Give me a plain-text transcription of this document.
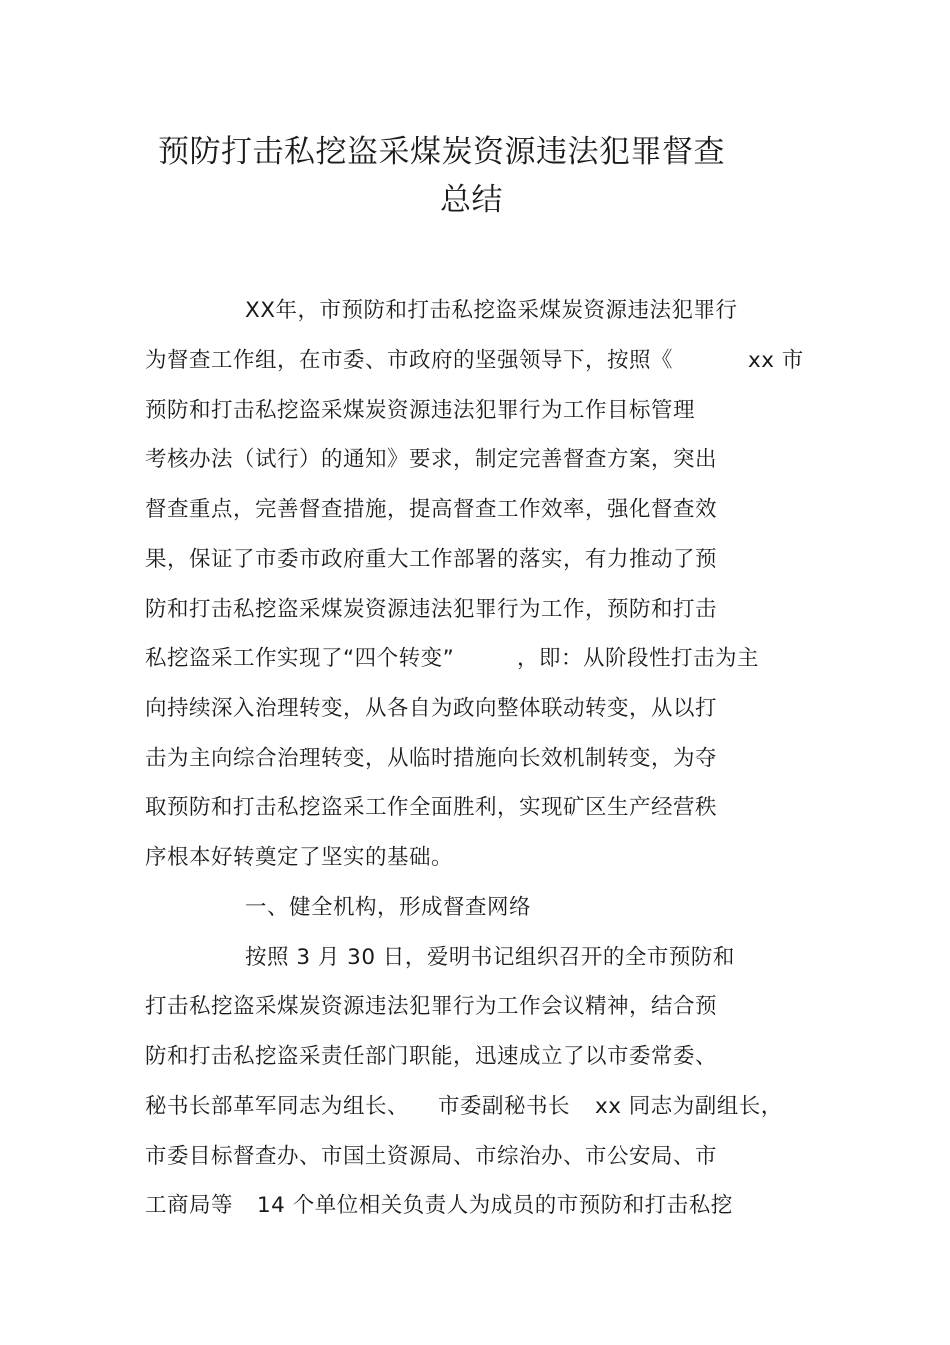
预防打击私挖盗采煤炭资源违法犯罪督查
总结
XX年，市预防和打击私挖盗采煤炭资源违法犯罪行
为督查工作组，在市委、市政府的坚强领导下，按照《	xx 市
预防和打击私挖盗采煤炭资源违法犯罪行为工作目标管理
考核办法（试行）的通知》要求，制定完善督查方案，突出
督查重点，完善督查措施，提高督查工作效率，强化督查效
果，保证了市委市政府重大工作部署的落实，有力推动了预
防和打击私挖盗采煤炭资源违法犯罪行为工作，预防和打击
私挖盗采工作实现了“四个转变”	，即：从阶段性打击为主
向持续深入治理转变，从各自为政向整体联动转变，从以打
击为主向综合治理转变，从临时措施向长效机制转变，为夺
取预防和打击私挖盗采工作全面胜利，实现矿区生产经营秩
序根本好转奠定了坚实的基础。
一、健全机构，形成督查网络
按照 3 月 30 日，爱明书记组织召开的全市预防和
打击私挖盗采煤炭资源违法犯罪行为工作会议精神，结合预
防和打击私挖盗采责任部门职能，迅速成立了以市委常委、
秘书长部革军同志为组长、 市委副秘书长 xx 同志为副组长，
市委目标督查办、市国土资源局、市综治办、市公安局、市
工商局等 14 个单位相关负责人为成员的市预防和打击私挖
